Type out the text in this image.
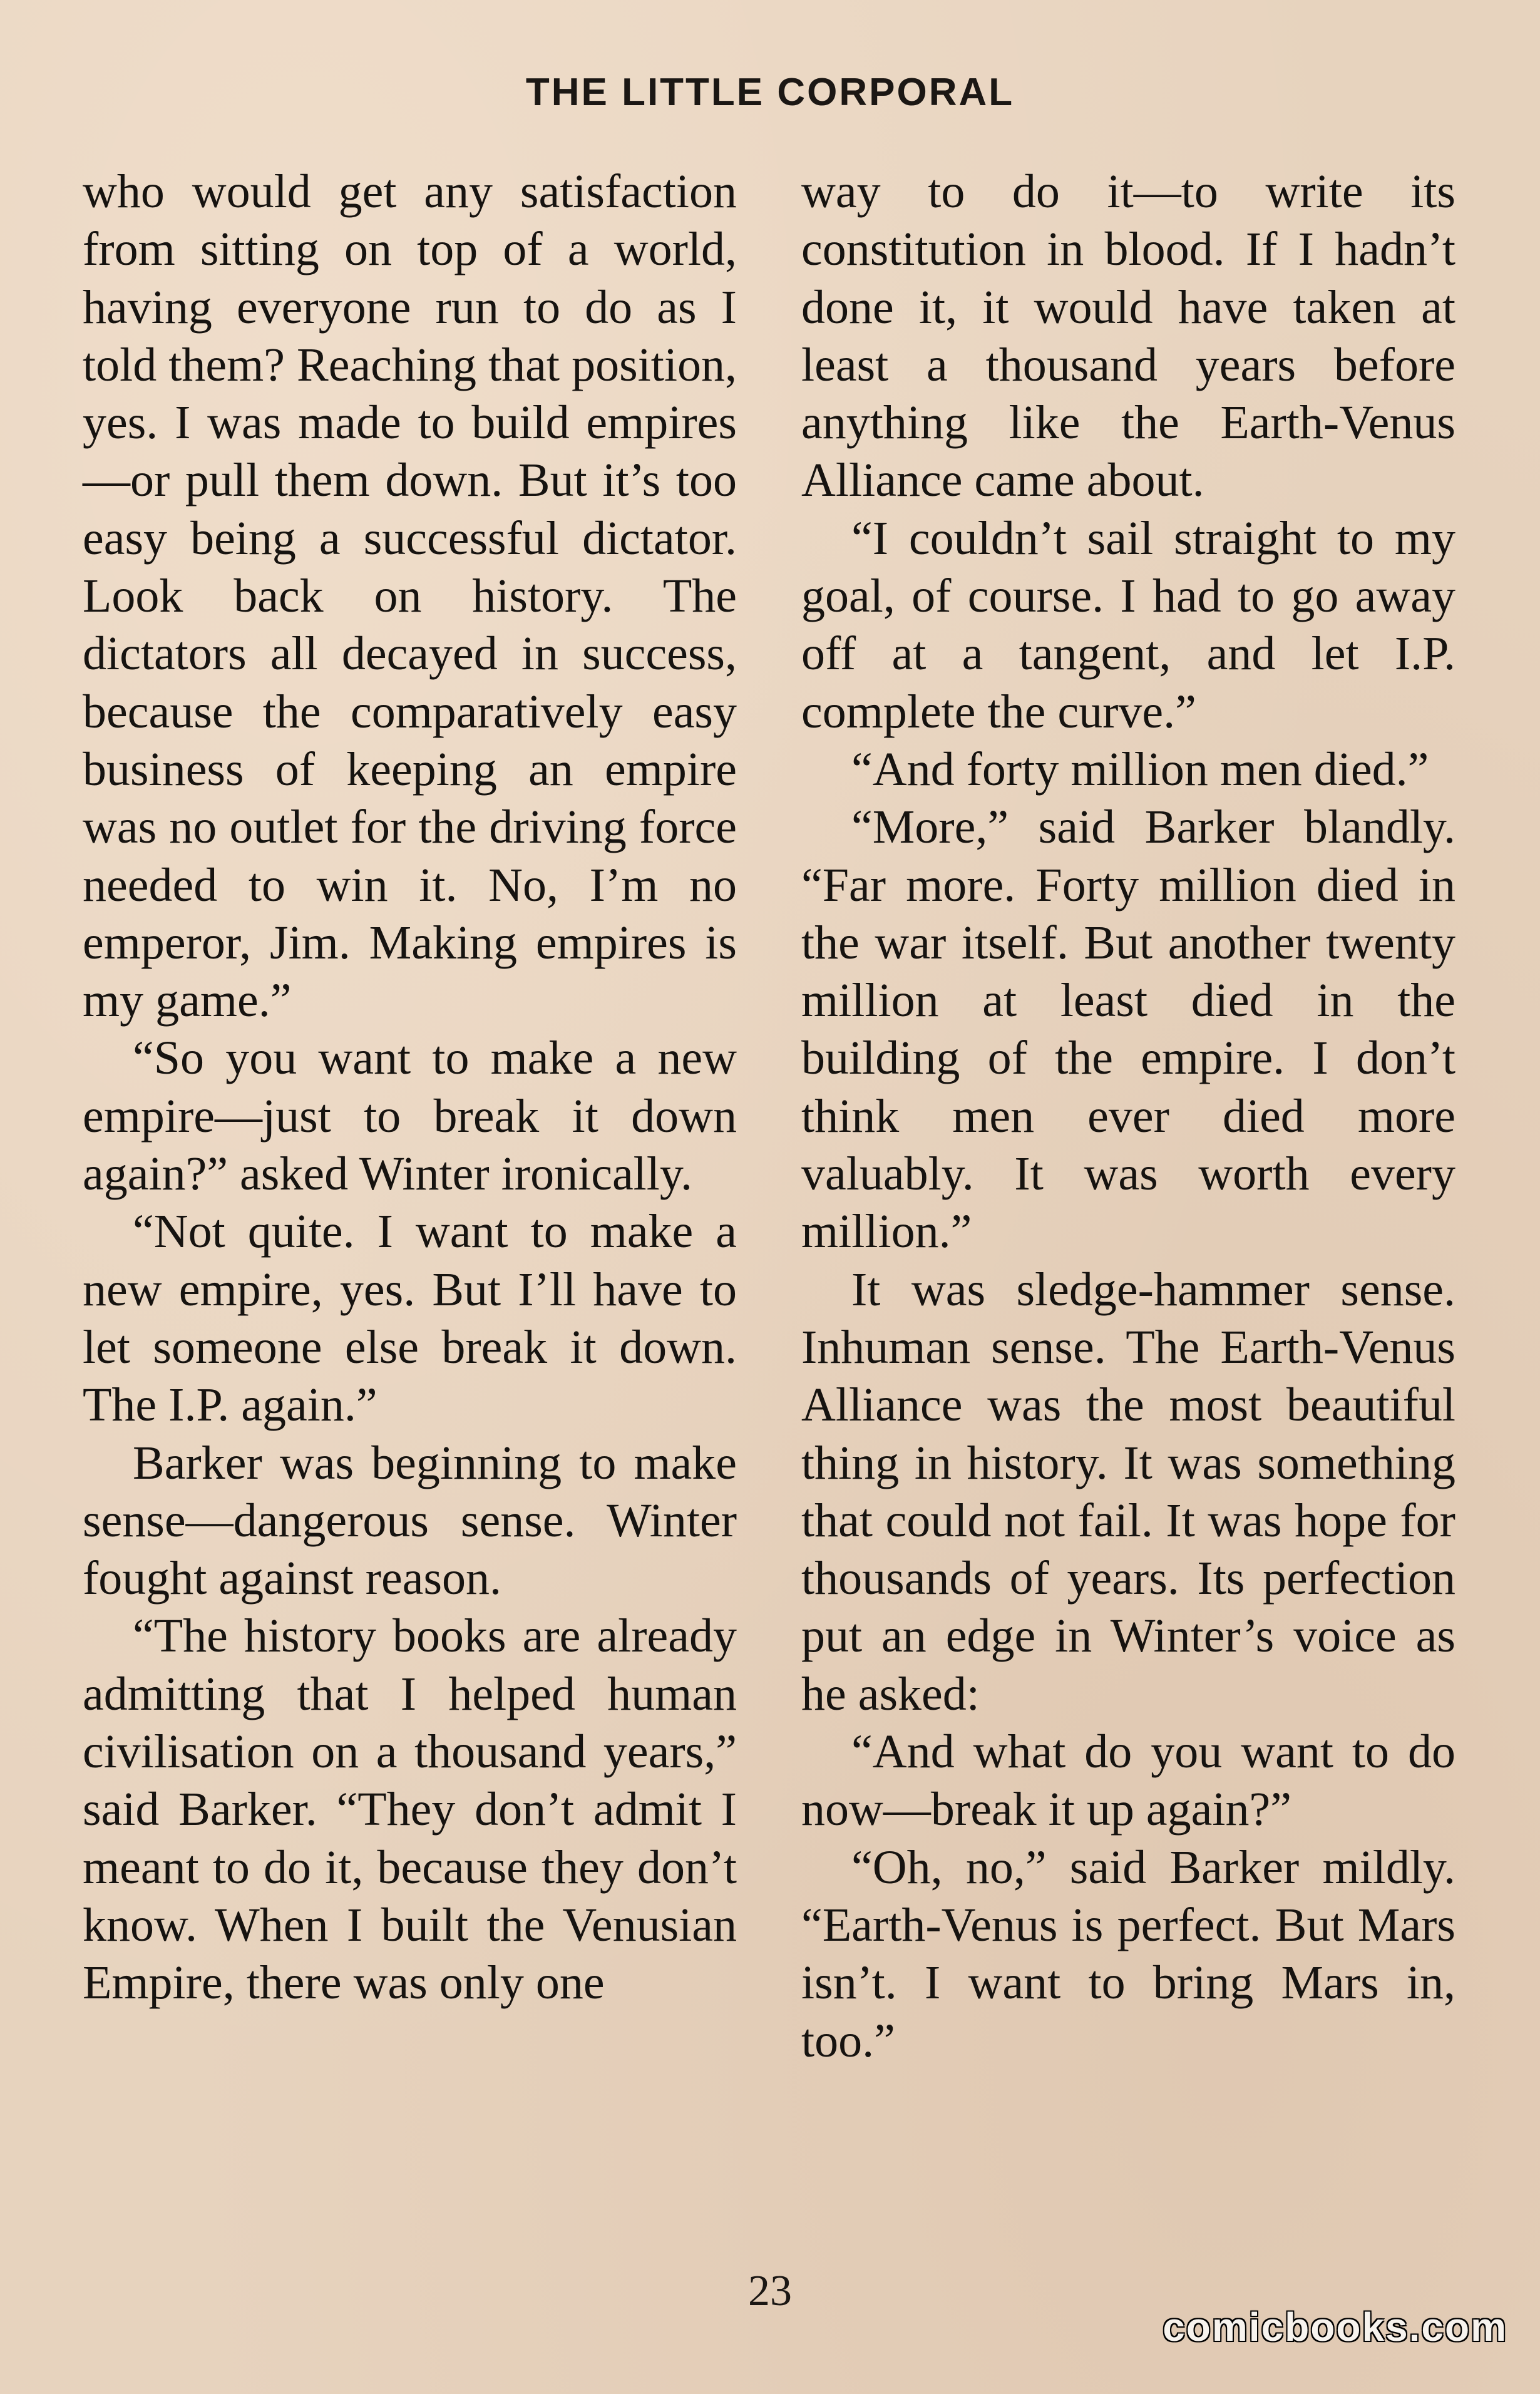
THE LITTLE CORPORAL

who would get any satisfaction from sitting on top of a world, having everyone run to do as I told them? Reaching that position, yes. I was made to build empires—or pull them down. But it’s too easy being a successful dictator. Look back on history. The dictators all decayed in success, because the comparatively easy business of keeping an empire was no outlet for the driving force needed to win it. No, I’m no emperor, Jim. Making empires is my game.”

“So you want to make a new empire—just to break it down again?” asked Winter ironically.

“Not quite. I want to make a new empire, yes. But I’ll have to let someone else break it down. The I.P. again.”

Barker was beginning to make sense—dangerous sense. Winter fought against reason.

“The history books are already admitting that I helped human civilisation on a thousand years,” said Barker. “They don’t admit I meant to do it, because they don’t know. When I built the Venusian Empire, there was only one

way to do it—to write its constitution in blood. If I hadn’t done it, it would have taken at least a thousand years before anything like the Earth-Venus Alliance came about.

“I couldn’t sail straight to my goal, of course. I had to go away off at a tangent, and let I.P. complete the curve.”

“And forty million men died.”

“More,” said Barker blandly. “Far more. Forty million died in the war itself. But another twenty million at least died in the building of the empire. I don’t think men ever died more valuably. It was worth every million.”

It was sledge-hammer sense. Inhuman sense. The Earth-Venus Alliance was the most beautiful thing in history. It was something that could not fail. It was hope for thousands of years. Its perfection put an edge in Winter’s voice as he asked:

“And what do you want to do now—break it up again?”

“Oh, no,” said Barker mildly. “Earth-Venus is perfect. But Mars isn’t. I want to bring Mars in, too.”

23
comicbooks.com
